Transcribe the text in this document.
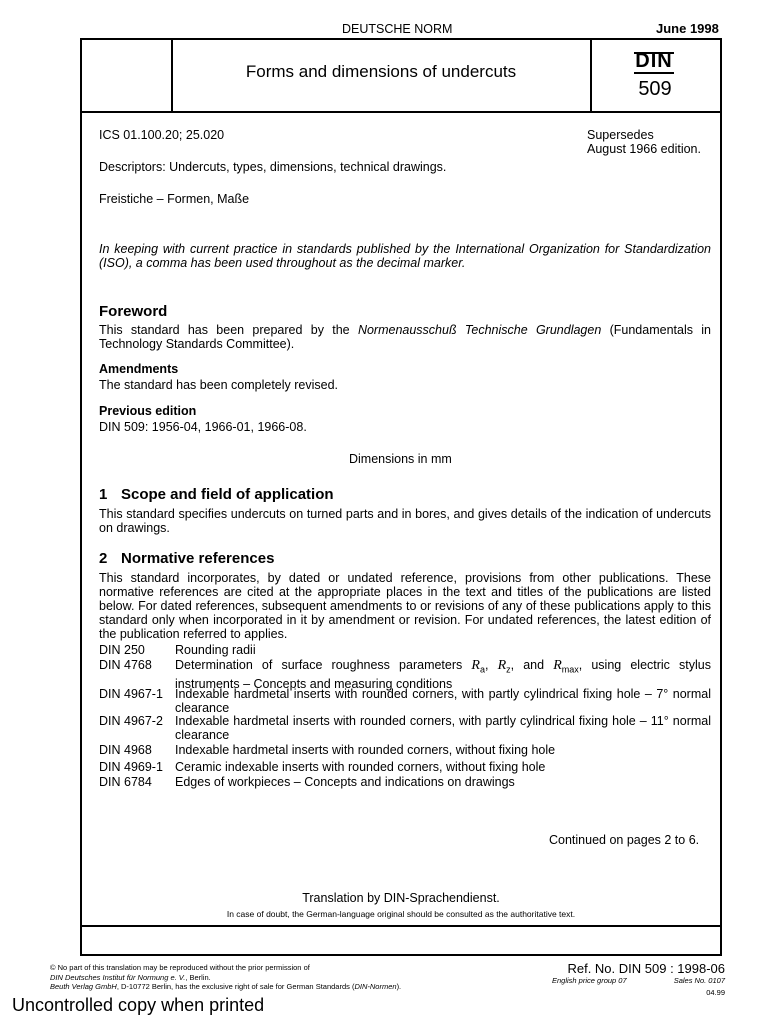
DEUTSCHE NORM	June 1998
Forms and dimensions of undercuts	DIN
509
ICS 01.100.20; 25.020	Supersedes
August 1966 edition.
Descriptors: Undercuts, types, dimensions, technical drawings.
Freistiche – Formen, Maße
In keeping with current practice in standards published by the International Organization for Standardization (ISO), a comma has been used throughout as the decimal marker.
Foreword
This standard has been prepared by the Normenausschuß Technische Grundlagen (Fundamentals in Technology Standards Committee).
Amendments
The standard has been completely revised.
Previous edition
DIN 509: 1956-04, 1966-01, 1966-08.
Dimensions in mm
1 Scope and field of application
This standard specifies undercuts on turned parts and in bores, and gives details of the indication of undercuts on drawings.
2 Normative references
This standard incorporates, by dated or undated reference, provisions from other publications. These normative references are cited at the appropriate places in the text and titles of the publications are listed below. For dated references, subsequent amendments to or revisions of any of these publications apply to this standard only when incorporated in it by amendment or revision. For undated references, the latest edition of the publication referred to applies.
DIN 250	Rounding radii
DIN 4768	Determination of surface roughness parameters $R_a$, $R_z$, and $R_{max}$, using electric stylus instruments – Concepts and measuring conditions
DIN 4967-1 Indexable hardmetal inserts with rounded corners, with partly cylindrical fixing hole – 7° normal clearance
DIN 4967-2 Indexable hardmetal inserts with rounded corners, with partly cylindrical fixing hole – 11° normal clearance
DIN 4968	Indexable hardmetal inserts with rounded corners, without fixing hole
DIN 4969-1 Ceramic indexable inserts with rounded corners, without fixing hole
DIN 6784	Edges of workpieces – Concepts and indications on drawings
Continued on pages 2 to 6.
Translation by DIN-Sprachendienst.
In case of doubt, the German-language original should be consulted as the authoritative text.
© No part of this translation may be reproduced without the prior permission of
DIN Deutsches Institut für Normung e. V., Berlin.
Beuth Verlag GmbH, D-10772 Berlin, has the exclusive right of sale for German Standards (DIN-Normen).
Ref. No. DIN 509 : 1998-06
English price group 07	Sales No. 0107
04.99
Uncontrolled copy when printed
